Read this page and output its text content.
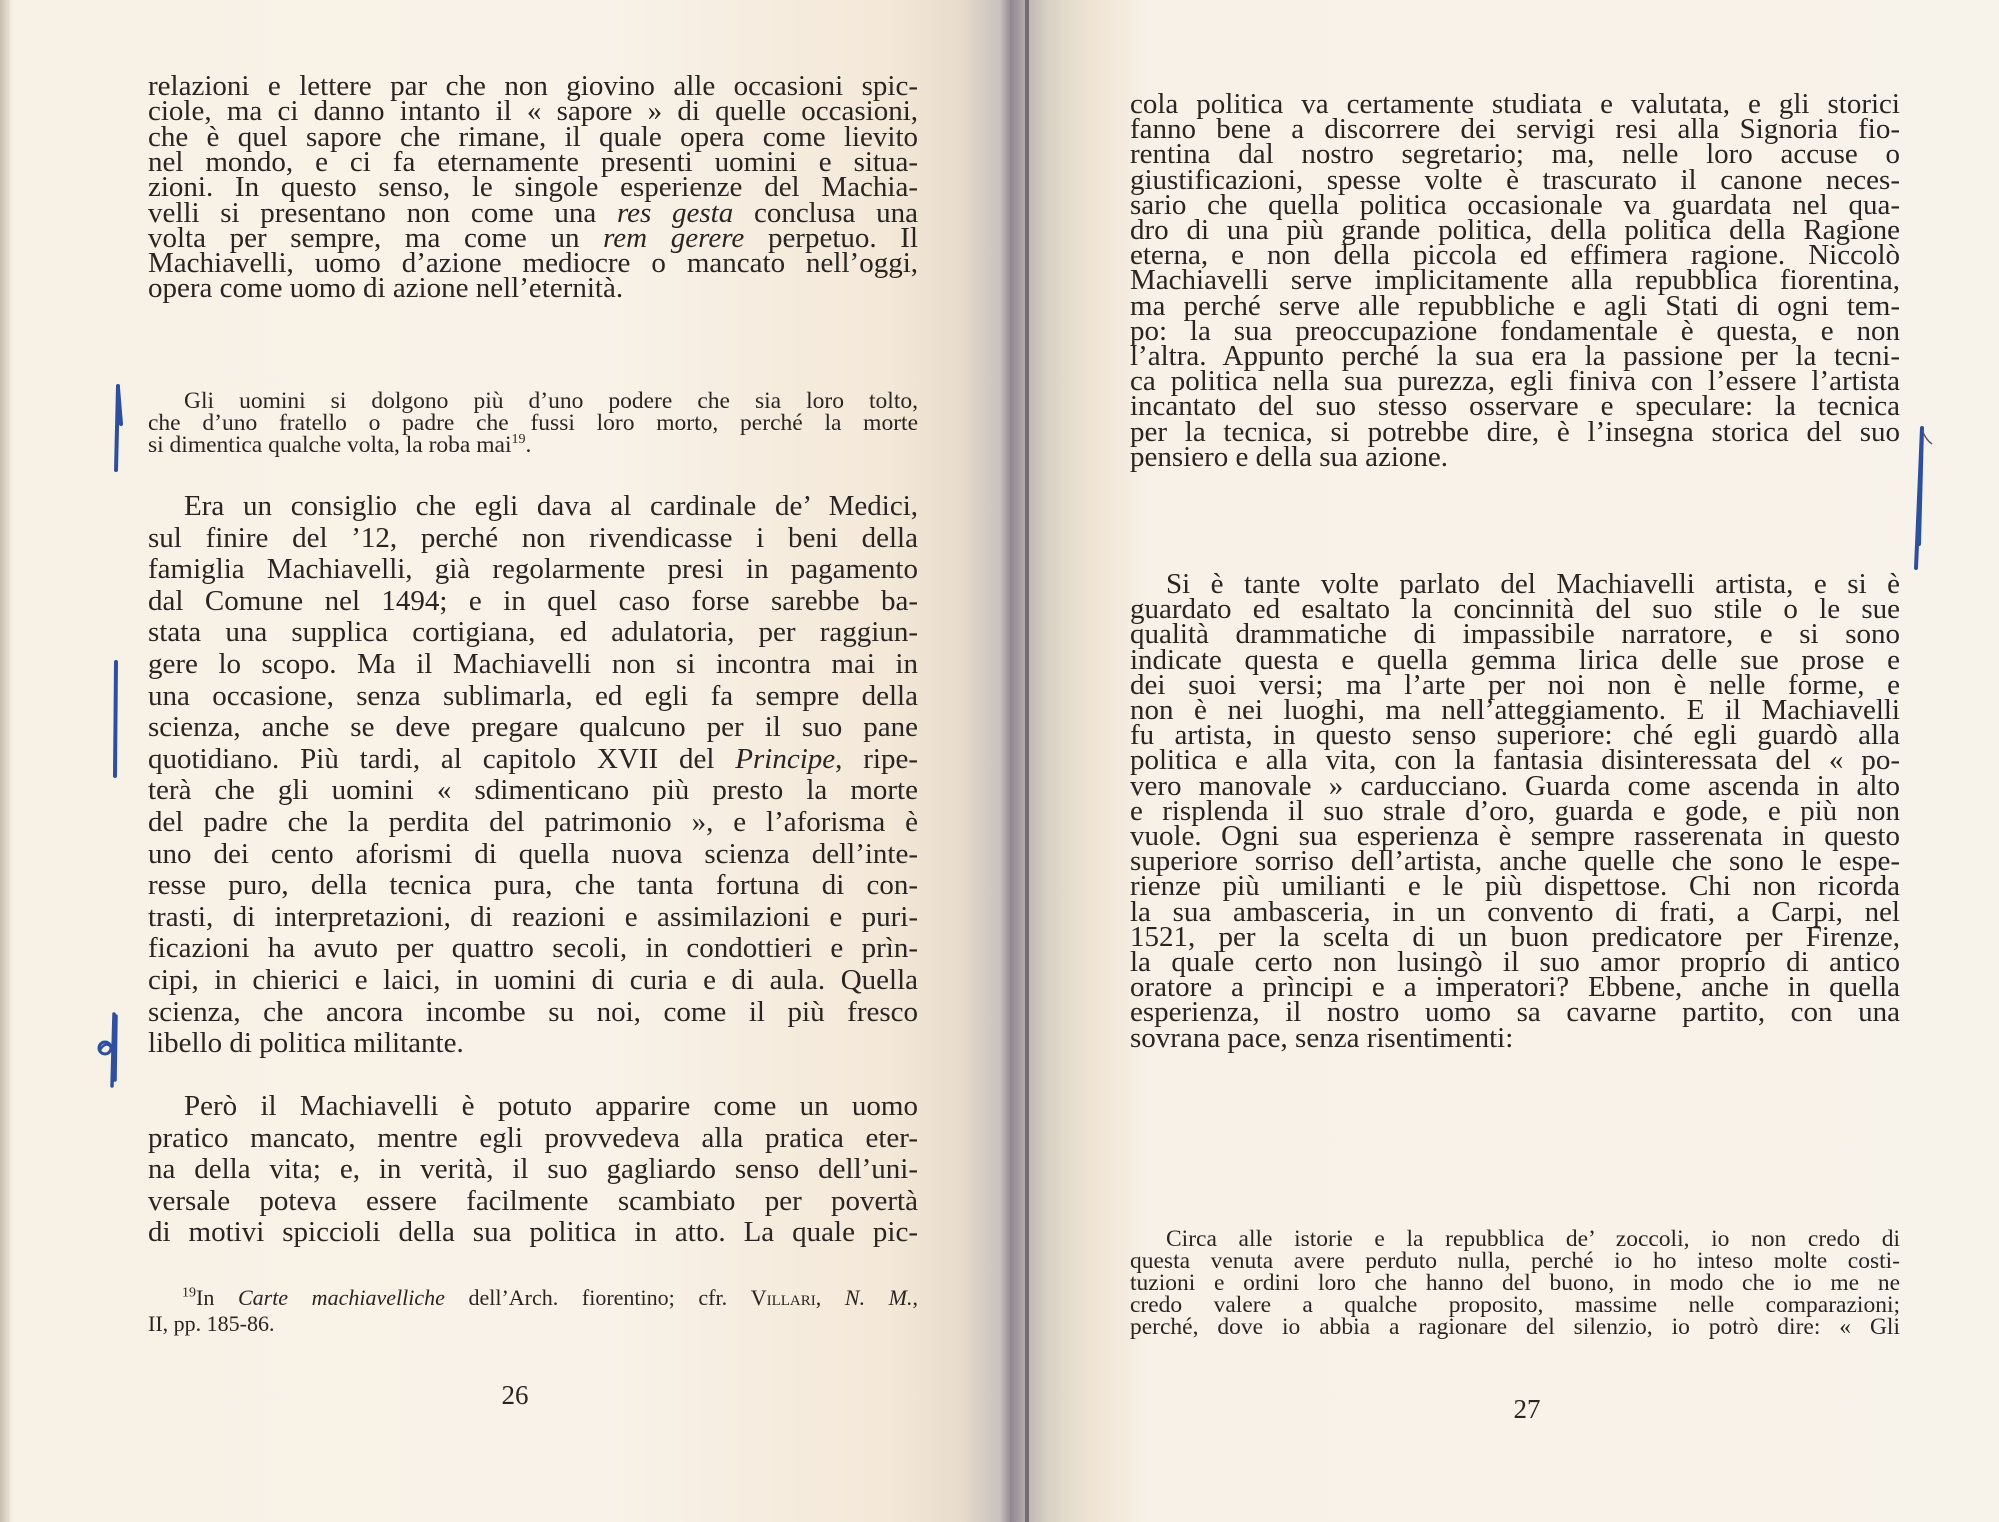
relazioni e lettere par che non giovino alle occasioni spic-
ciole, ma ci danno intanto il « sapore » di quelle occasioni,
che è quel sapore che rimane, il quale opera come lievito
nel mondo, e ci fa eternamente presenti uomini e situa-
zioni. In questo senso, le singole esperienze del Machia-
velli si presentano non come una res gesta conclusa una
volta per sempre, ma come un rem gerere perpetuo. Il
Machiavelli, uomo d’azione mediocre o mancato nell’oggi,
opera come uomo di azione nell’eternità.
Gli uomini si dolgono più d’uno podere che sia loro tolto,
che d’uno fratello o padre che fussi loro morto, perché la morte
si dimentica qualche volta, la roba mai$^{19}$.
Era un consiglio che egli dava al cardinale de’ Medici,
sul finire del ’12, perché non rivendicasse i beni della
famiglia Machiavelli, già regolarmente presi in pagamento
dal Comune nel 1494; e in quel caso forse sarebbe ba-
stata una supplica cortigiana, ed adulatoria, per raggiun-
gere lo scopo. Ma il Machiavelli non si incontra mai in
una occasione, senza sublimarla, ed egli fa sempre della
scienza, anche se deve pregare qualcuno per il suo pane
quotidiano. Più tardi, al capitolo XVII del Principe, ripe-
terà che gli uomini « sdimenticano più presto la morte
del padre che la perdita del patrimonio », e l’aforisma è
uno dei cento aforismi di quella nuova scienza dell’inte-
resse puro, della tecnica pura, che tanta fortuna di con-
trasti, di interpretazioni, di reazioni e assimilazioni e puri-
ficazioni ha avuto per quattro secoli, in condottieri e prìn-
cipi, in chierici e laici, in uomini di curia e di aula. Quella
scienza, che ancora incombe su noi, come il più fresco
libello di politica militante.
Però il Machiavelli è potuto apparire come un uomo
pratico mancato, mentre egli provvedeva alla pratica eter-
na della vita; e, in verità, il suo gagliardo senso dell’uni-
versale poteva essere facilmente scambiato per povertà
di motivi spiccioli della sua politica in atto. La quale pic-
$^{19}$In Carte machiavelliche dell’Arch. fiorentino; cfr. Villari, N. M.,
II, pp. 185-86.
26
cola politica va certamente studiata e valutata, e gli storici
fanno bene a discorrere dei servigi resi alla Signoria fio-
rentina dal nostro segretario; ma, nelle loro accuse o
giustificazioni, spesse volte è trascurato il canone neces-
sario che quella politica occasionale va guardata nel qua-
dro di una più grande politica, della politica della Ragione
eterna, e non della piccola ed effimera ragione. Niccolò
Machiavelli serve implicitamente alla repubblica fiorentina,
ma perché serve alle repubbliche e agli Stati di ogni tem-
po: la sua preoccupazione fondamentale è questa, e non
l’altra. Appunto perché la sua era la passione per la tecni-
ca politica nella sua purezza, egli finiva con l’essere l’artista
incantato del suo stesso osservare e speculare: la tecnica
per la tecnica, si potrebbe dire, è l’insegna storica del suo
pensiero e della sua azione.
Si è tante volte parlato del Machiavelli artista, e si è
guardato ed esaltato la concinnità del suo stile o le sue
qualità drammatiche di impassibile narratore, e si sono
indicate questa e quella gemma lirica delle sue prose e
dei suoi versi; ma l’arte per noi non è nelle forme, e
non è nei luoghi, ma nell’atteggiamento. E il Machiavelli
fu artista, in questo senso superiore: ché egli guardò alla
politica e alla vita, con la fantasia disinteressata del « po-
vero manovale » carducciano. Guarda come ascenda in alto
e risplenda il suo strale d’oro, guarda e gode, e più non
vuole. Ogni sua esperienza è sempre rasserenata in questo
superiore sorriso dell’artista, anche quelle che sono le espe-
rienze più umilianti e le più dispettose. Chi non ricorda
la sua ambasceria, in un convento di frati, a Carpi, nel
1521, per la scelta di un buon predicatore per Firenze,
la quale certo non lusingò il suo amor proprio di antico
oratore a prìncipi e a imperatori? Ebbene, anche in quella
esperienza, il nostro uomo sa cavarne partito, con una
sovrana pace, senza risentimenti:
Circa alle istorie e la repubblica de’ zoccoli, io non credo di
questa venuta avere perduto nulla, perché io ho inteso molte costi-
tuzioni e ordini loro che hanno del buono, in modo che io me ne
credo valere a qualche proposito, massime nelle comparazioni;
perché, dove io abbia a ragionare del silenzio, io potrò dire: « Gli
27
